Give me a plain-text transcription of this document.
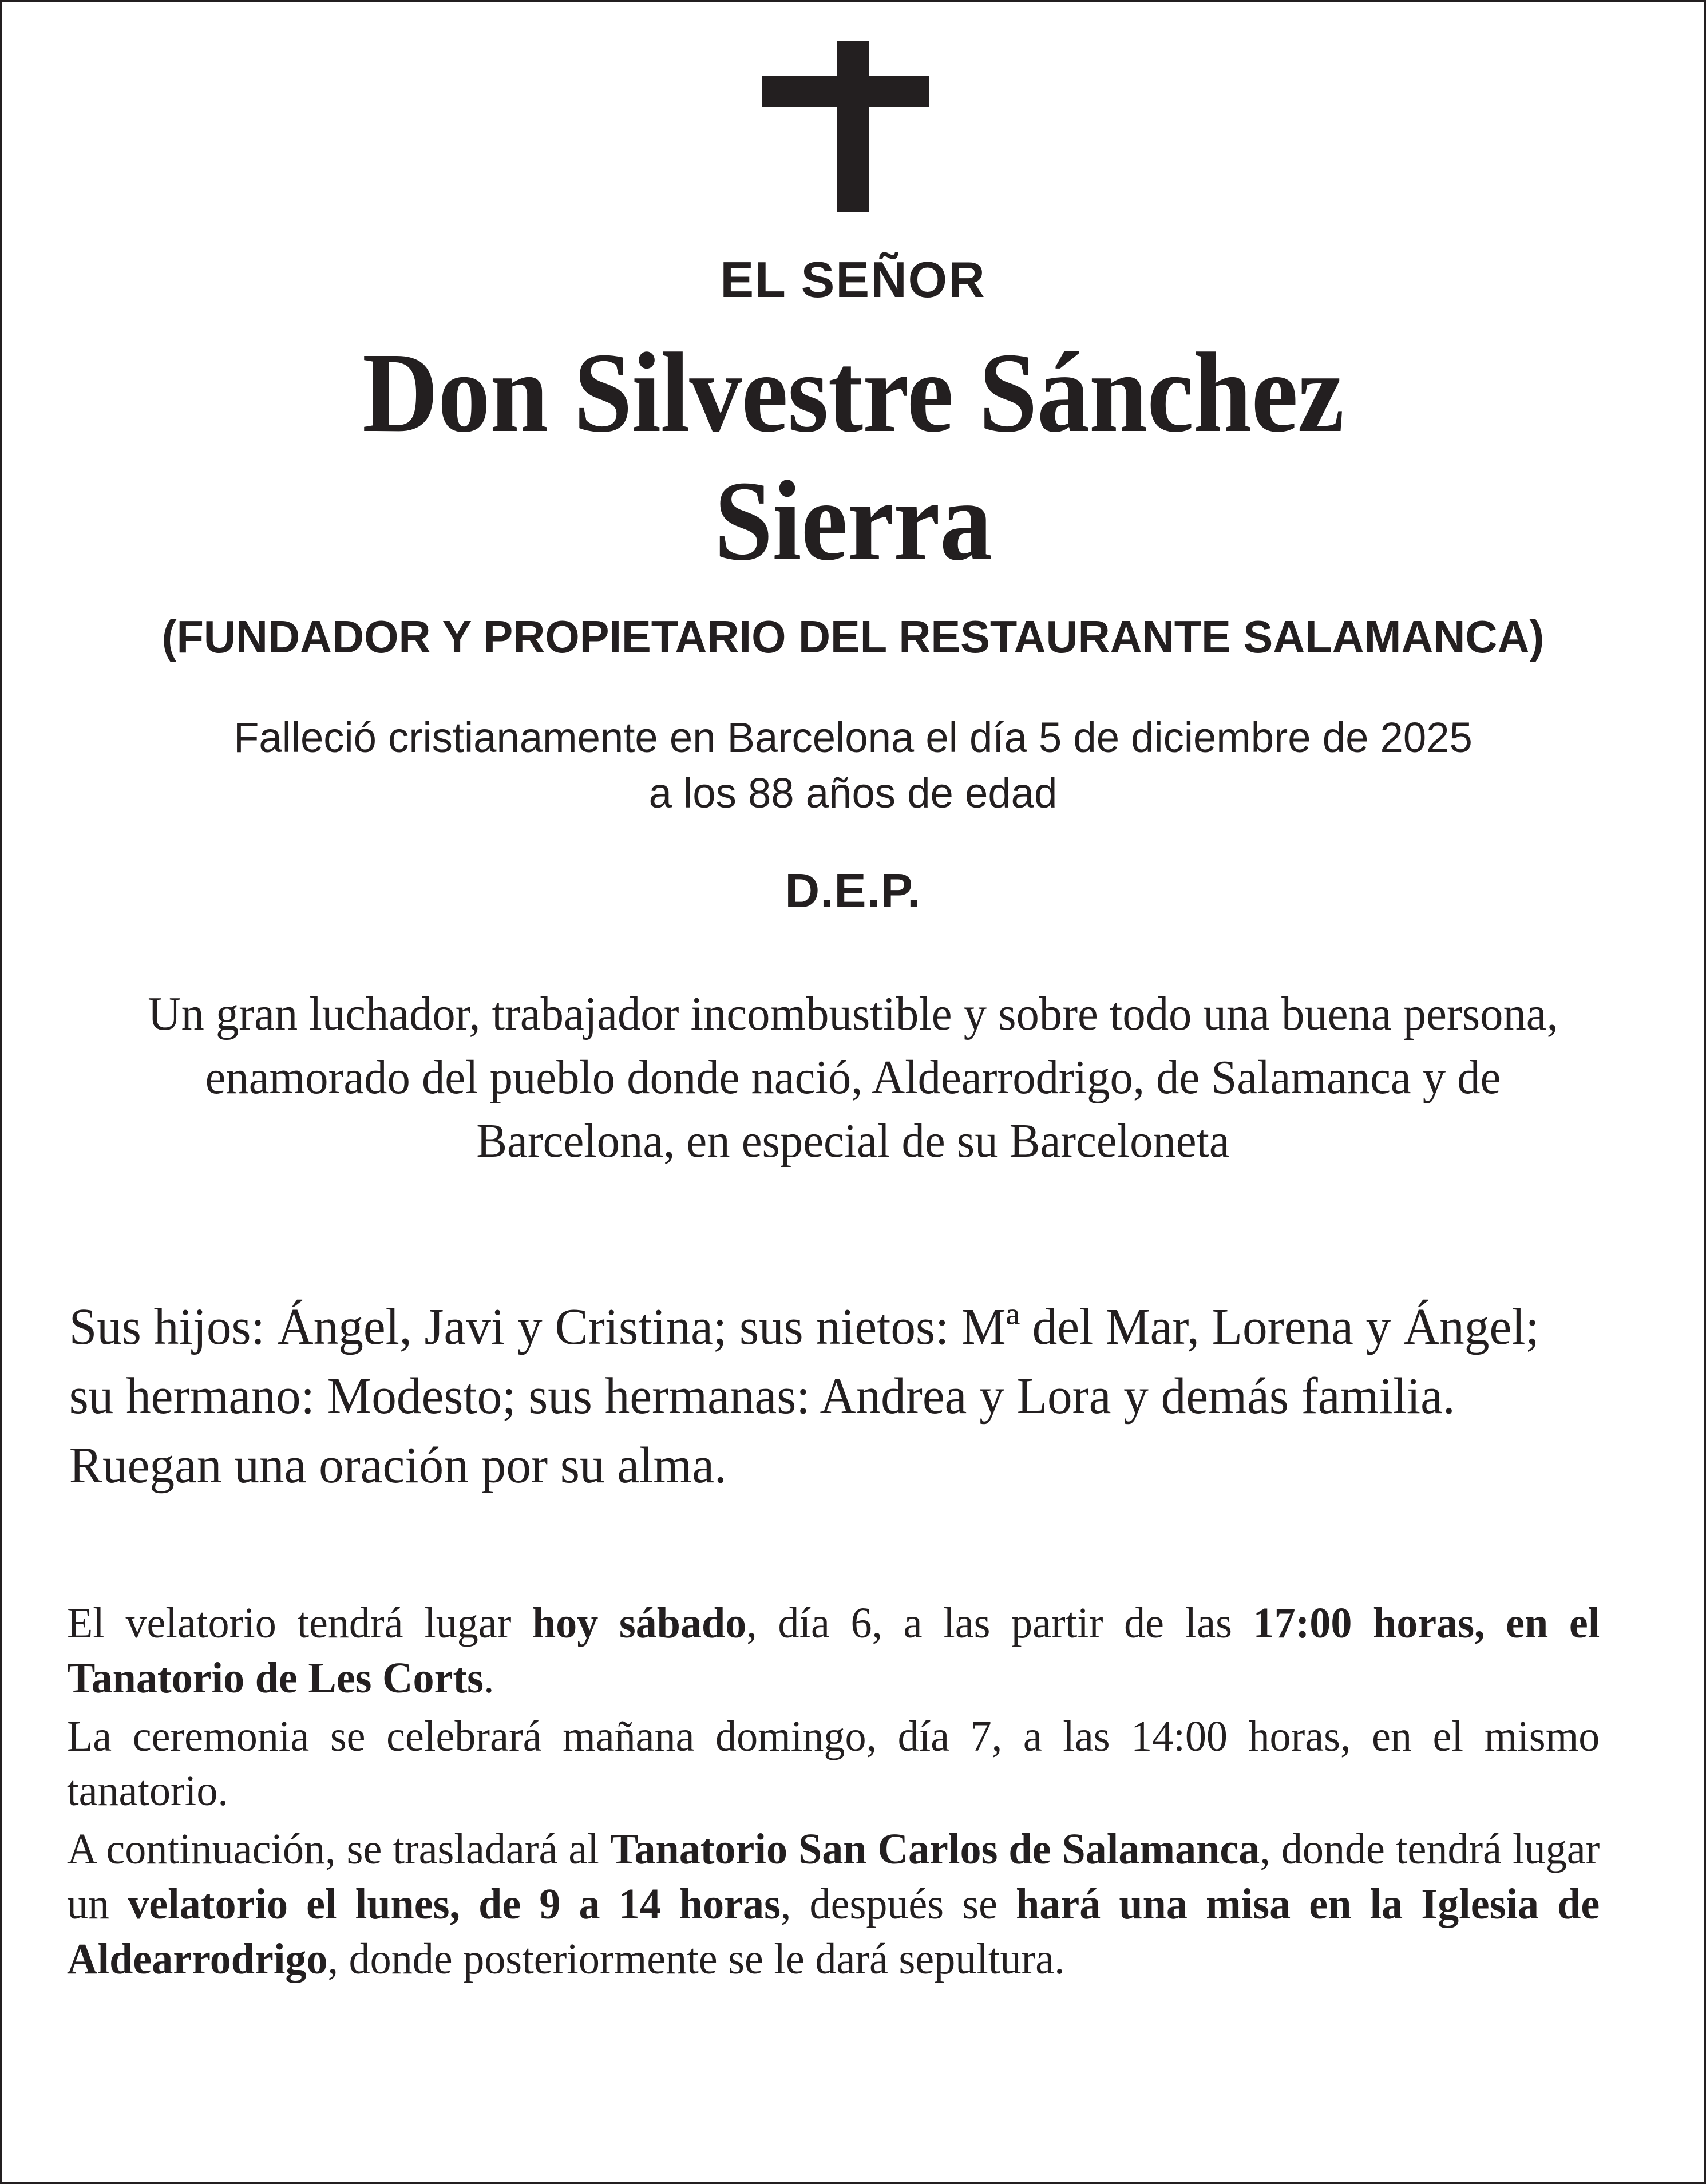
EL SEÑOR
Don Silvestre Sánchez
Sierra
(FUNDADOR Y PROPIETARIO DEL RESTAURANTE SALAMANCA)
Falleció cristianamente en Barcelona el día 5 de diciembre de 2025
a los 88 años de edad
D.E.P.
Un gran luchador, trabajador incombustible y sobre todo una buena persona, enamorado del pueblo donde nació, Aldearrodrigo, de Salamanca y de Barcelona, en especial de su Barceloneta
Sus hijos: Ángel, Javi y Cristina; sus nietos: Mª del Mar, Lorena y Ángel; su hermano: Modesto; sus hermanas: Andrea y Lora y demás familia. Ruegan una oración por su alma.

El velatorio tendrá lugar hoy sábado, día 6, a las partir de las 17:00 horas, en el Tanatorio de Les Corts.

La ceremonia se celebrará mañana domingo, día 7, a las 14:00 horas, en el mismo tanatorio.

A continuación, se trasladará al Tanatorio San Carlos de Salamanca, donde tendrá lugar un velatorio el lunes, de 9 a 14 horas, después se hará una misa en la Iglesia de Aldearrodrigo, donde posteriormente se le dará sepultura.
